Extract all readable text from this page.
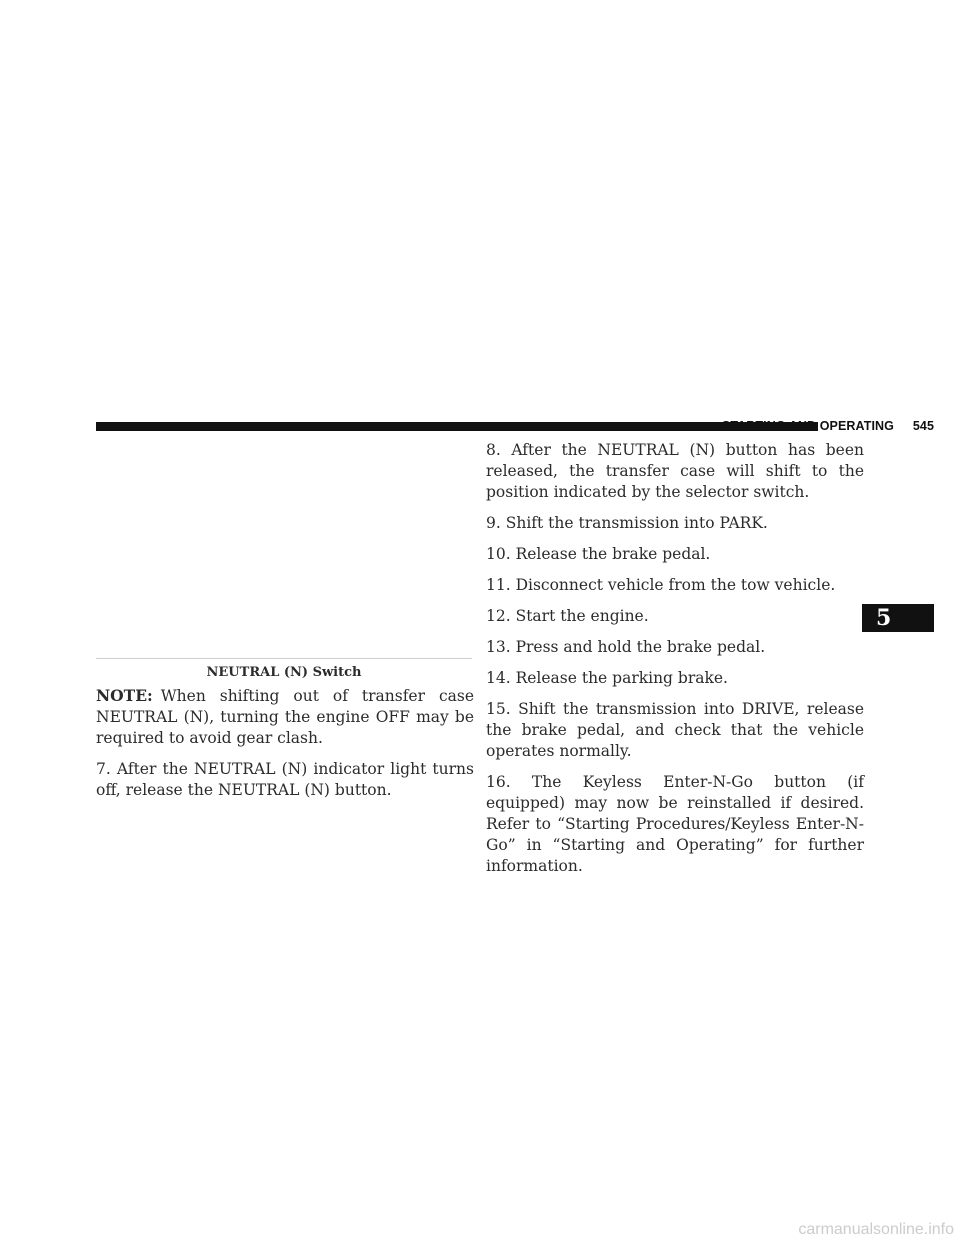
STARTING AND OPERATING 545
NEUTRAL (N) Switch

NOTE: When shifting out of transfer case NEUTRAL (N), turning the engine OFF may be required to avoid gear clash.

7. After the NEUTRAL (N) indicator light turns off, release the NEUTRAL (N) button.

8. After the NEUTRAL (N) button has been released, the transfer case will shift to the position indicated by the selector switch.

9. Shift the transmission into PARK.

10. Release the brake pedal.

11. Disconnect vehicle from the tow vehicle.

12. Start the engine.

13. Press and hold the brake pedal.

14. Release the parking brake.

15. Shift the transmission into DRIVE, release the brake pedal, and check that the vehicle operates normally.

16. The Keyless Enter-N-Go button (if equipped) may now be reinstalled if desired. Refer to “Starting Procedures/Keyless Enter-N-Go” in “Starting and Operating” for further information.

5
carmanualsonline.info
